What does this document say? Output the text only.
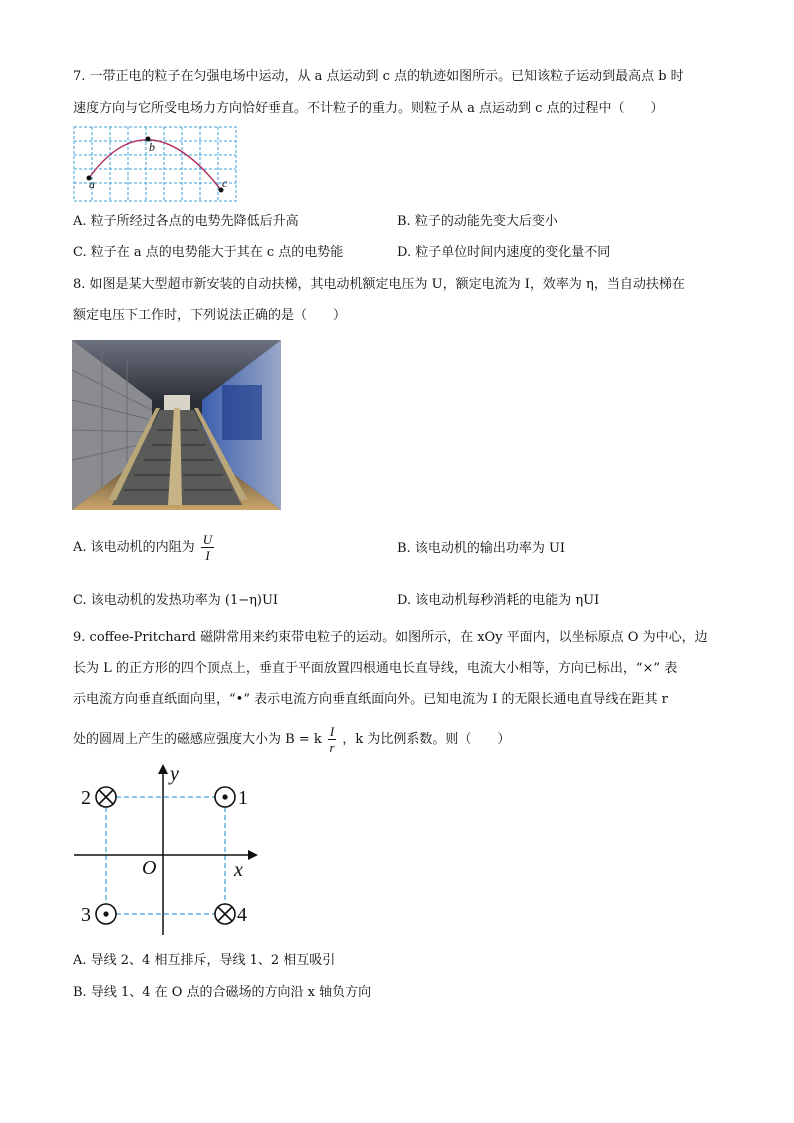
7. 一带正电的粒子在匀强电场中运动，从 a 点运动到 c 点的轨迹如图所示。已知该粒子运动到最高点 b 时
速度方向与它所受电场力方向恰好垂直。不计粒子的重力。则粒子从 a 点运动到 c 点的过程中（　　）
a
b
c
A. 粒子所经过各点的电势先降低后升高	B. 粒子的动能先变大后变小
C. 粒子在 a 点的电势能大于其在 c 点的电势能	D. 粒子单位时间内速度的变化量不同
8. 如图是某大型超市新安装的自动扶梯，其电动机额定电压为 U，额定电流为 I，效率为 η，当自动扶梯在
额定电压下工作时，下列说法正确的是（　　）
A. 该电动机的内阻为 $\frac{U}{I}$	B. 该电动机的输出功率为 UI
C. 该电动机的发热功率为 (1−η)UI	D. 该电动机每秒消耗的电能为 ηUI
9. coffee-Pritchard 磁阱常用来约束带电粒子的运动。如图所示，在 xOy 平面内，以坐标原点 O 为中心，边
长为 L 的正方形的四个顶点上，垂直于平面放置四根通电长直导线，电流大小相等，方向已标出，“×” 表
示电流方向垂直纸面向里，“•” 表示电流方向垂直纸面向外。已知电流为 I 的无限长通电直导线在距其 r
处的圆周上产生的磁感应强度大小为 B = k $\frac{I}{r}$ ，k 为比例系数。则（　　）
y
x
O
2	1
3	4
A. 导线 2、4 相互排斥，导线 1、2 相互吸引
B. 导线 1、4 在 O 点的合磁场的方向沿 x 轴负方向
